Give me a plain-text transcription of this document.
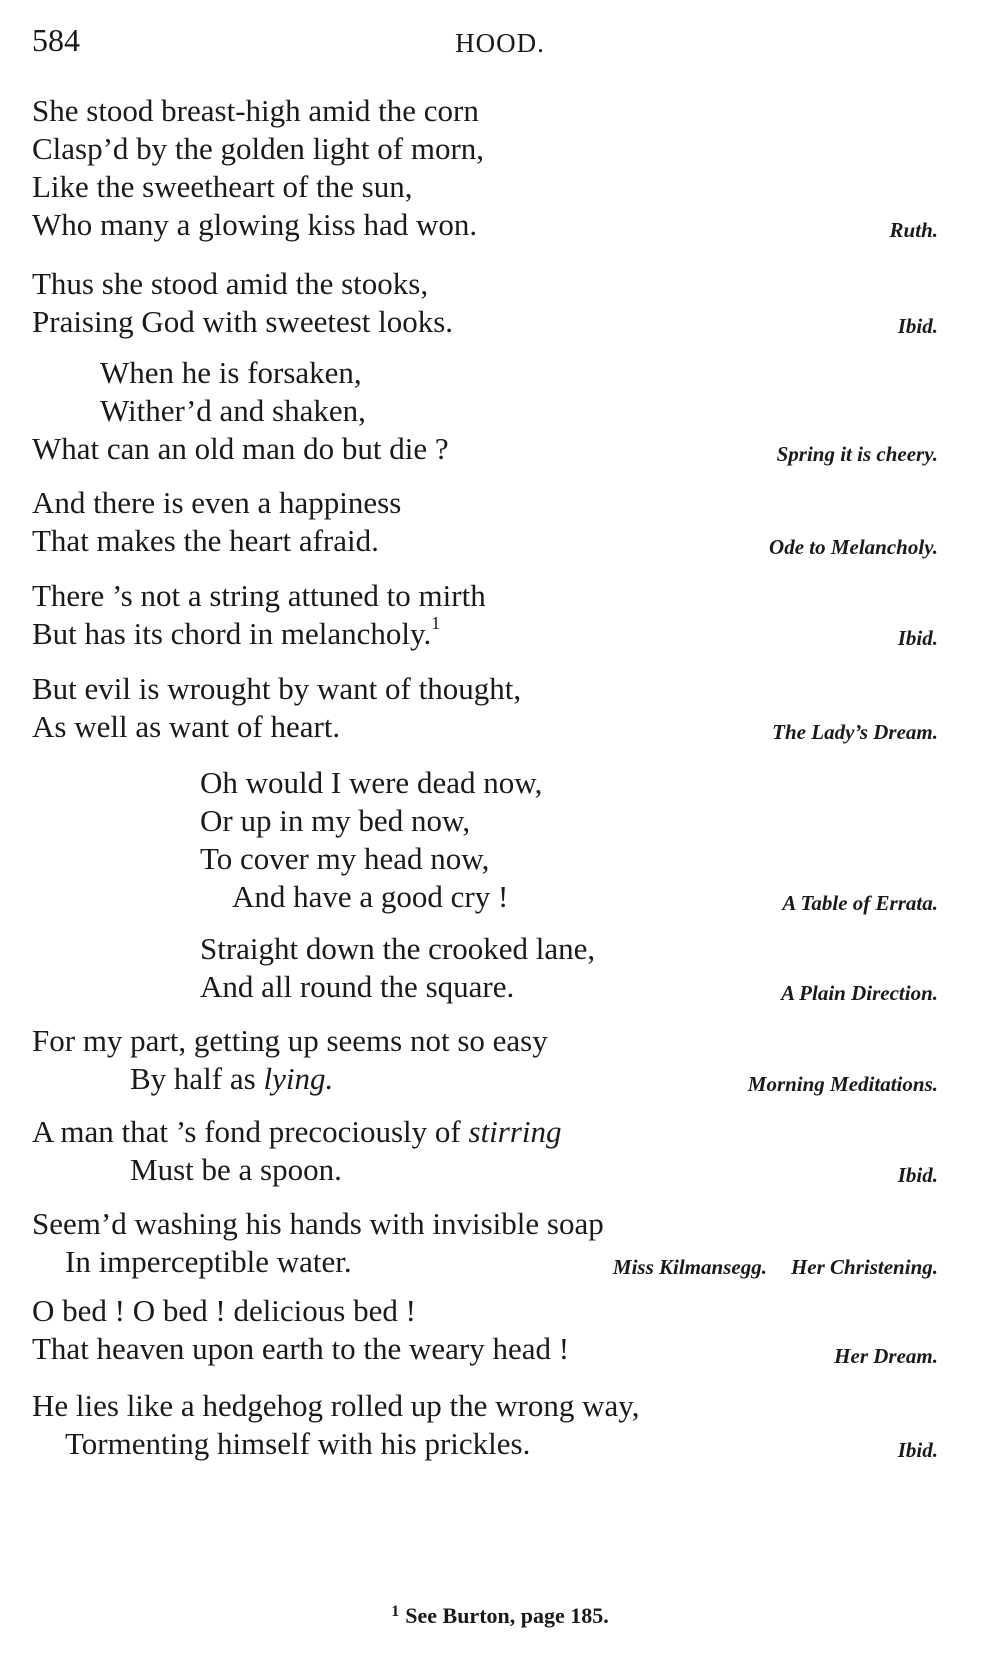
584	HOOD.
She stood breast-high amid the corn
Clasp’d by the golden light of morn,
Like the sweetheart of the sun,
Who many a glowing kiss had won.	Ruth.
Thus she stood amid the stooks,
Praising God with sweetest looks.	Ibid.
When he is forsaken,
Wither’d and shaken,
What can an old man do but die ?	Spring it is cheery.
And there is even a happiness
That makes the heart afraid.	Ode to Melancholy.
There ’s not a string attuned to mirth
But has its chord in melancholy.$^1$
Ibid.
But evil is wrought by want of thought,
As well as want of heart.	The Lady’s Dream.
Oh would I were dead now,
Or up in my bed now,
To cover my head now,
And have a good cry !	A Table of Errata.
Straight down the crooked lane,
And all round the square.	A Plain Direction.
For my part, getting up seems not so easy
By half as lying.	Morning Meditations.
A man that ’s fond precociously of stirring
Must be a spoon.	Ibid.
Seem’d washing his hands with invisible soap
In imperceptible water.	Miss Kilmansegg. Her Christening.
O bed ! O bed ! delicious bed !
That heaven upon earth to the weary head !	Her Dream.
He lies like a hedgehog rolled up the wrong way,
Tormenting himself with his prickles.	Ibid.
$^1$ See Burton, page 185.
